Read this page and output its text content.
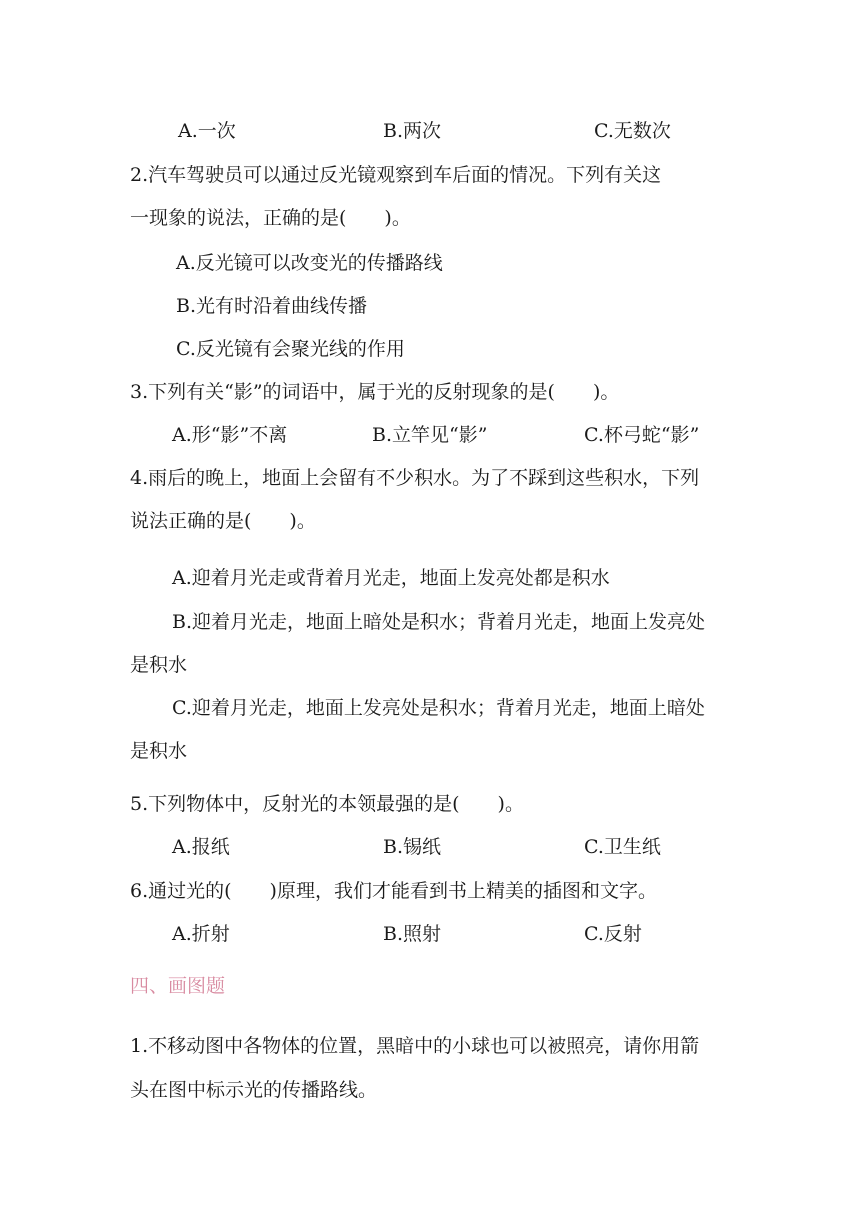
A.一次	B.两次	C.无数次
2.汽车驾驶员可以通过反光镜观察到车后面的情况。下列有关这
一现象的说法，正确的是(　　)。
A.反光镜可以改变光的传播路线
B.光有时沿着曲线传播
C.反光镜有会聚光线的作用
3.下列有关“影”的词语中，属于光的反射现象的是(　　)。
A.形“影”不离	B.立竿见“影”	C.杯弓蛇“影”
4.雨后的晚上，地面上会留有不少积水。为了不踩到这些积水，下列
说法正确的是(　　)。
A.迎着月光走或背着月光走，地面上发亮处都是积水
B.迎着月光走，地面上暗处是积水；背着月光走，地面上发亮处
是积水
C.迎着月光走，地面上发亮处是积水；背着月光走，地面上暗处
是积水
5.下列物体中，反射光的本领最强的是(　　)。
A.报纸	B.锡纸	C.卫生纸
6.通过光的(　　)原理，我们才能看到书上精美的插图和文字。
A.折射	B.照射	C.反射
四、画图题
1.不移动图中各物体的位置，黑暗中的小球也可以被照亮，请你用箭
头在图中标示光的传播路线。
